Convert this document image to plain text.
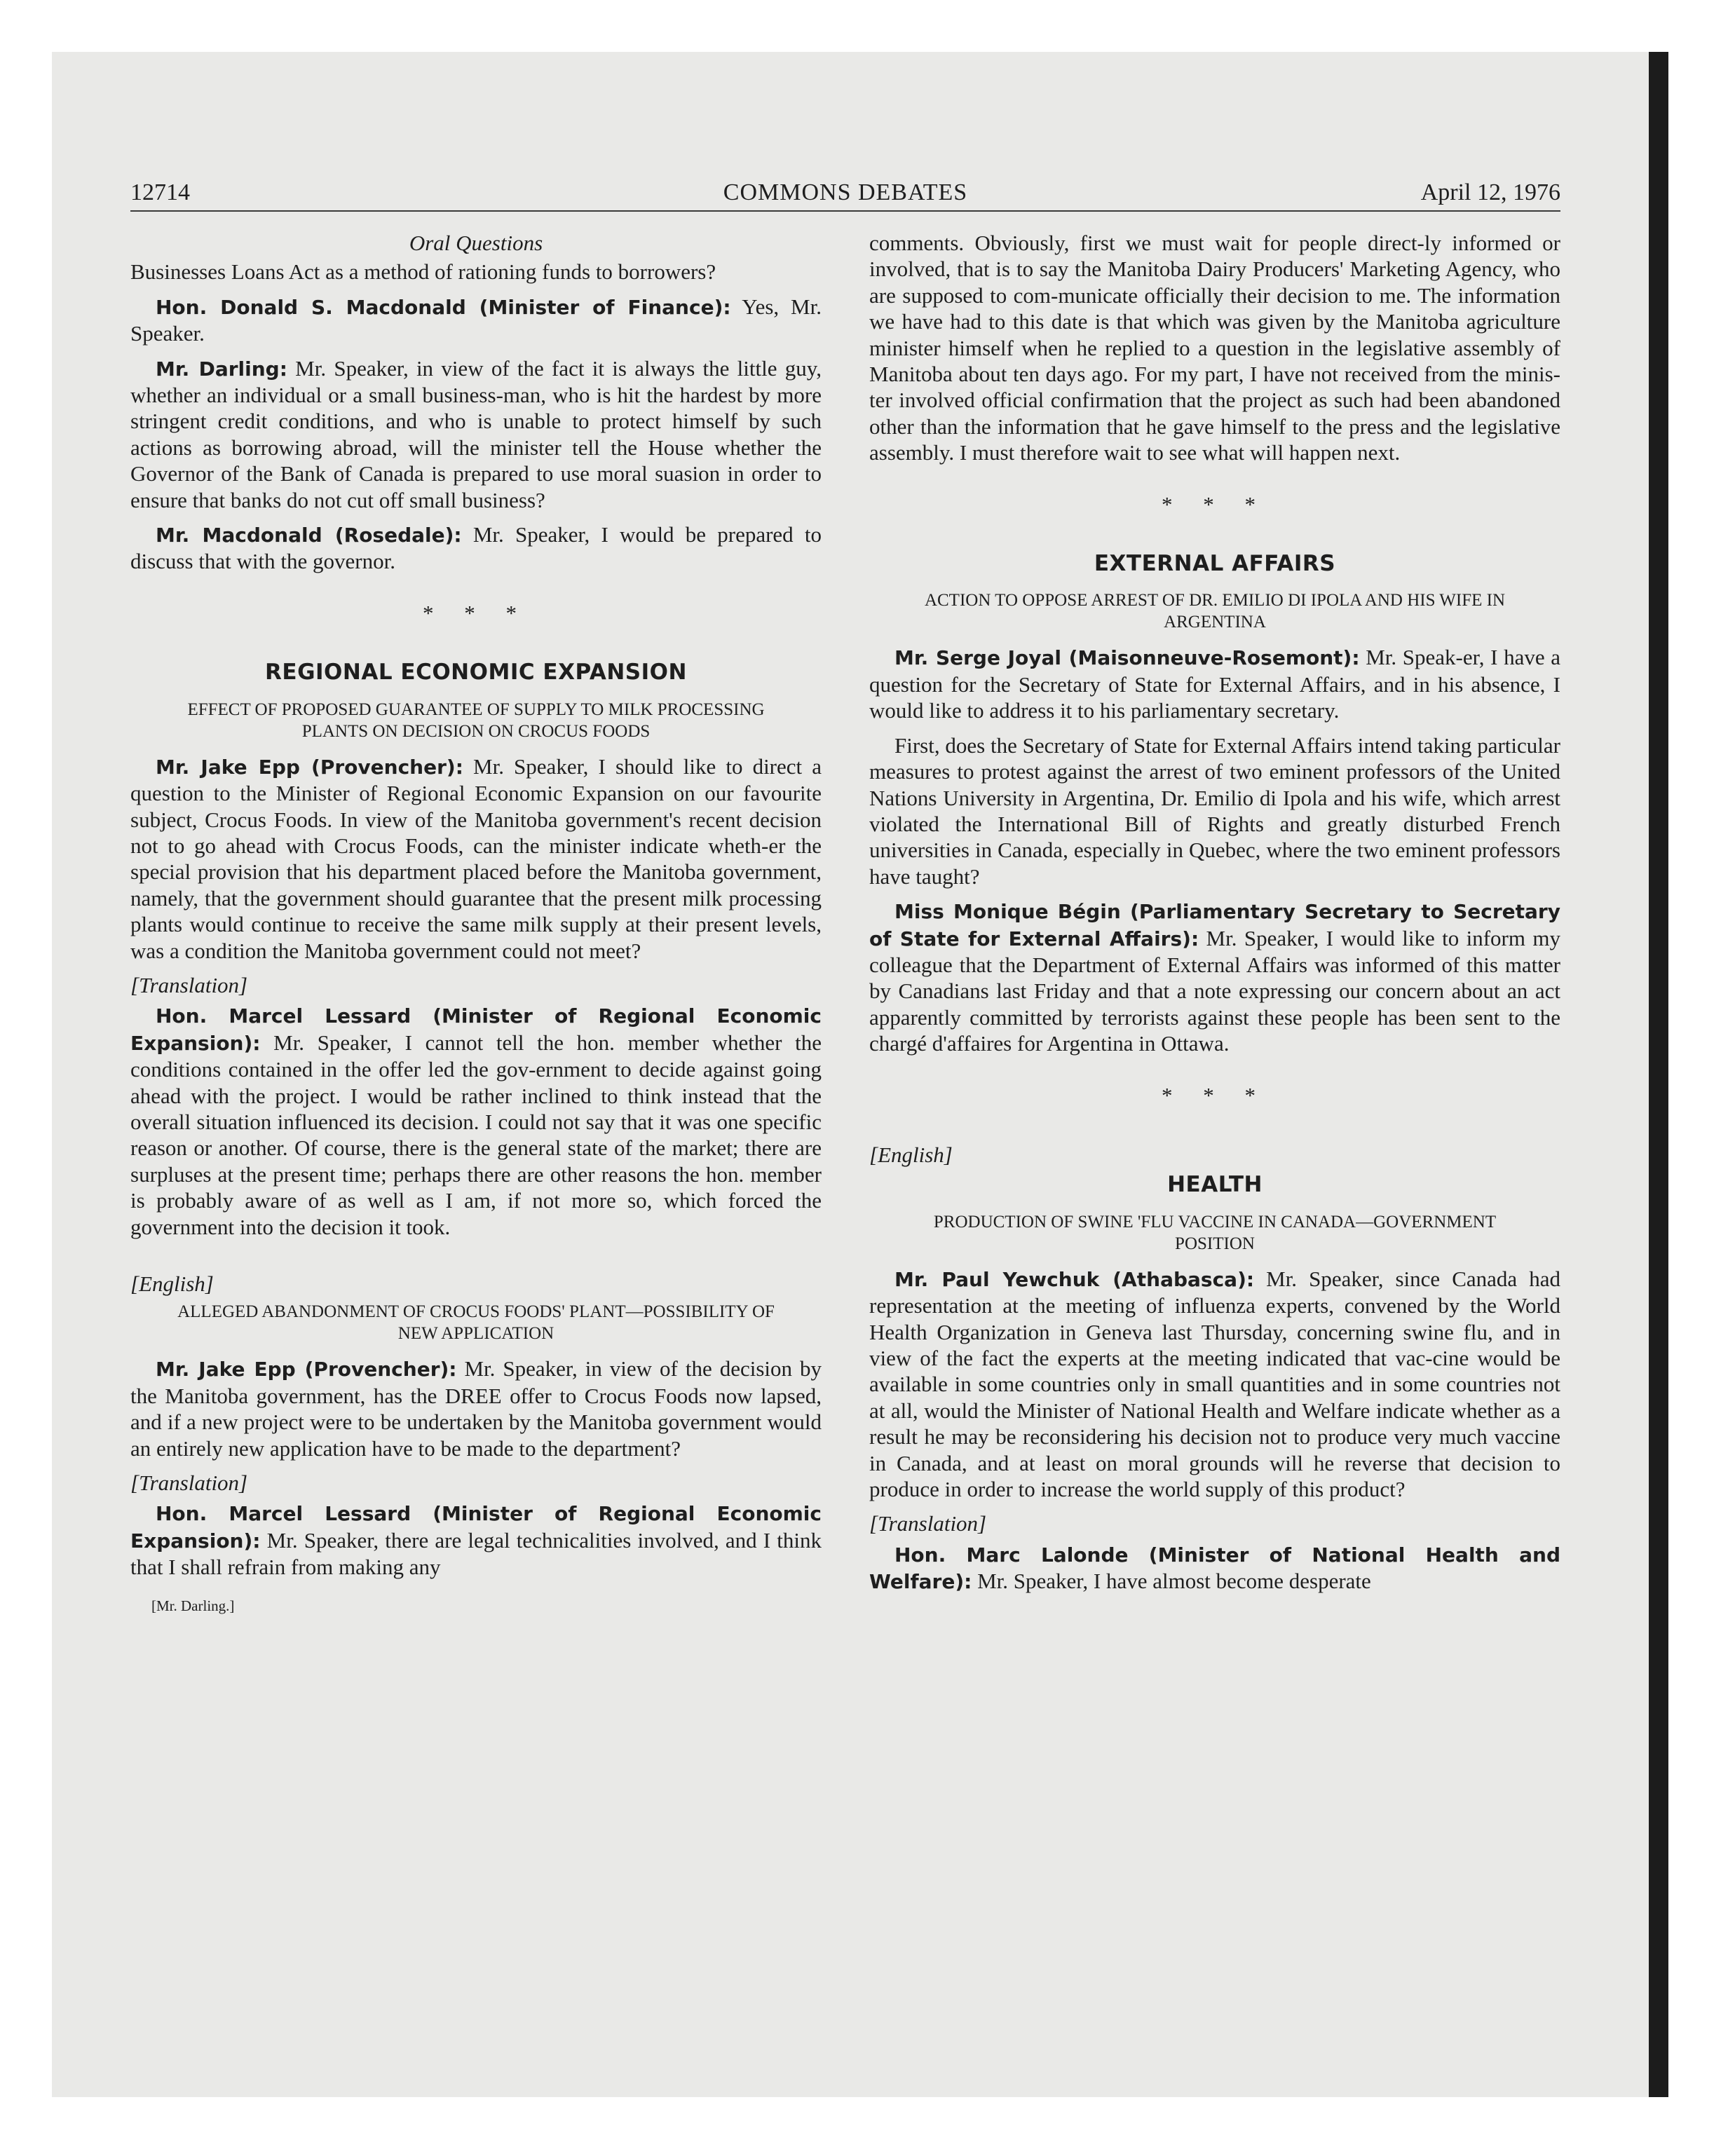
12714	COMMONS DEBATES	April 12, 1976
Oral Questions

Businesses Loans Act as a method of rationing funds to borrowers?

Hon. Donald S. Macdonald (Minister of Finance): Yes, Mr. Speaker.

Mr. Darling: Mr. Speaker, in view of the fact it is always the little guy, whether an individual or a small business-man, who is hit the hardest by more stringent credit conditions, and who is unable to protect himself by such actions as borrowing abroad, will the minister tell the House whether the Governor of the Bank of Canada is prepared to use moral suasion in order to ensure that banks do not cut off small business?

Mr. Macdonald (Rosedale): Mr. Speaker, I would be prepared to discuss that with the governor.

* * *
REGIONAL ECONOMIC EXPANSION
EFFECT OF PROPOSED GUARANTEE OF SUPPLY TO MILK PROCESSING PLANTS ON DECISION ON CROCUS FOODS

Mr. Jake Epp (Provencher): Mr. Speaker, I should like to direct a question to the Minister of Regional Economic Expansion on our favourite subject, Crocus Foods. In view of the Manitoba government's recent decision not to go ahead with Crocus Foods, can the minister indicate wheth-er the special provision that his department placed before the Manitoba government, namely, that the government should guarantee that the present milk processing plants would continue to receive the same milk supply at their present levels, was a condition the Manitoba government could not meet?

[Translation]

Hon. Marcel Lessard (Minister of Regional Economic Expansion): Mr. Speaker, I cannot tell the hon. member whether the conditions contained in the offer led the gov-ernment to decide against going ahead with the project. I would be rather inclined to think instead that the overall situation influenced its decision. I could not say that it was one specific reason or another. Of course, there is the general state of the market; there are surpluses at the present time; perhaps there are other reasons the hon. member is probably aware of as well as I am, if not more so, which forced the government into the decision it took.

[English]
ALLEGED ABANDONMENT OF CROCUS FOODS' PLANT—POSSIBILITY OF NEW APPLICATION

Mr. Jake Epp (Provencher): Mr. Speaker, in view of the decision by the Manitoba government, has the DREE offer to Crocus Foods now lapsed, and if a new project were to be undertaken by the Manitoba government would an entirely new application have to be made to the department?

[Translation]

Hon. Marcel Lessard (Minister of Regional Economic Expansion): Mr. Speaker, there are legal technicalities involved, and I think that I shall refrain from making any

[Mr. Darling.]

comments. Obviously, first we must wait for people direct-ly informed or involved, that is to say the Manitoba Dairy Producers' Marketing Agency, who are supposed to com-municate officially their decision to me. The information we have had to this date is that which was given by the Manitoba agriculture minister himself when he replied to a question in the legislative assembly of Manitoba about ten days ago. For my part, I have not received from the minis-ter involved official confirmation that the project as such had been abandoned other than the information that he gave himself to the press and the legislative assembly. I must therefore wait to see what will happen next.

* * *
EXTERNAL AFFAIRS
ACTION TO OPPOSE ARREST OF DR. EMILIO DI IPOLA AND HIS WIFE IN ARGENTINA

Mr. Serge Joyal (Maisonneuve-Rosemont): Mr. Speak-er, I have a question for the Secretary of State for External Affairs, and in his absence, I would like to address it to his parliamentary secretary.

First, does the Secretary of State for External Affairs intend taking particular measures to protest against the arrest of two eminent professors of the United Nations University in Argentina, Dr. Emilio di Ipola and his wife, which arrest violated the International Bill of Rights and greatly disturbed French universities in Canada, especially in Quebec, where the two eminent professors have taught?

Miss Monique Bégin (Parliamentary Secretary to Secretary of State for External Affairs): Mr. Speaker, I would like to inform my colleague that the Department of External Affairs was informed of this matter by Canadians last Friday and that a note expressing our concern about an act apparently committed by terrorists against these people has been sent to the chargé d'affaires for Argentina in Ottawa.

* * *
[English]
HEALTH
PRODUCTION OF SWINE 'FLU VACCINE IN CANADA—GOVERNMENT POSITION

Mr. Paul Yewchuk (Athabasca): Mr. Speaker, since Canada had representation at the meeting of influenza experts, convened by the World Health Organization in Geneva last Thursday, concerning swine flu, and in view of the fact the experts at the meeting indicated that vac-cine would be available in some countries only in small quantities and in some countries not at all, would the Minister of National Health and Welfare indicate whether as a result he may be reconsidering his decision not to produce very much vaccine in Canada, and at least on moral grounds will he reverse that decision to produce in order to increase the world supply of this product?

[Translation]

Hon. Marc Lalonde (Minister of National Health and Welfare): Mr. Speaker, I have almost become desperate
